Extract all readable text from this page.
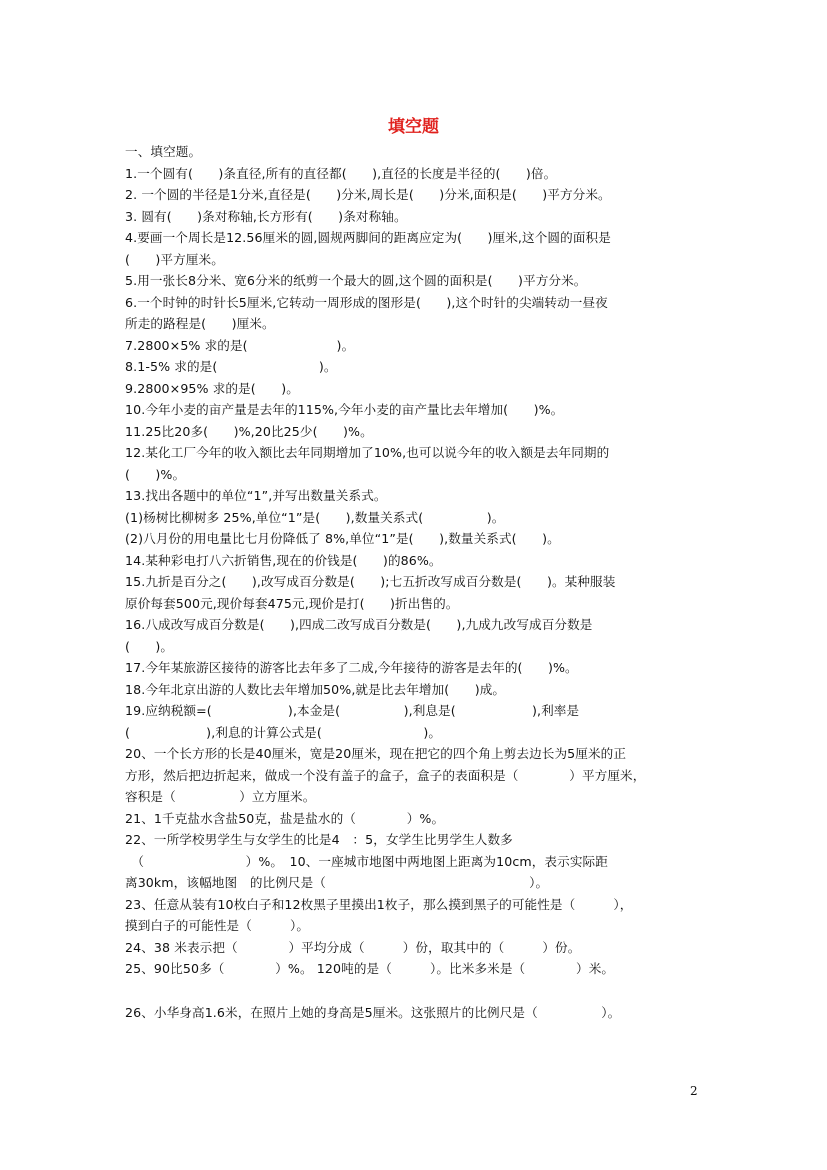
填空题
一、填空题。
1.一个圆有(　　)条直径,所有的直径都(　　),直径的长度是半径的(　　)倍。
2. 一个圆的半径是1分米,直径是(　　)分米,周长是(　　)分米,面积是(　　)平方分米。
3. 圆有(　　)条对称轴,长方形有(　　)条对称轴。
4.要画一个周长是12.56厘米的圆,圆规两脚间的距离应定为(　　)厘米,这个圆的面积是
(　　)平方厘米。
5.用一张长8分米、宽6分米的纸剪一个最大的圆,这个圆的面积是(　　)平方分米。
6.一个时钟的时针长5厘米,它转动一周形成的图形是(　　),这个时针的尖端转动一昼夜
所走的路程是(　　)厘米。
7.2800×5% 求的是(　　　　　　　)。
8.1-5% 求的是(　　　　　　　　)。
9.2800×95% 求的是(　　)。
10.今年小麦的亩产量是去年的115%,今年小麦的亩产量比去年增加(　　)%。
11.25比20多(　　)%,20比25少(　　)%。
12.某化工厂今年的收入额比去年同期增加了10%,也可以说今年的收入额是去年同期的
(　　)%。
13.找出各题中的单位“1”,并写出数量关系式。
(1)杨树比柳树多 25%,单位“1”是(　　),数量关系式(　　　　　)。
(2)八月份的用电量比七月份降低了 8%,单位“1”是(　　),数量关系式(　　)。
14.某种彩电打八六折销售,现在的价钱是(　　)的86%。
15.九折是百分之(　　),改写成百分数是(　　);七五折改写成百分数是(　　)。某种服装
原价每套500元,现价每套475元,现价是打(　　)折出售的。
16.八成改写成百分数是(　　),四成二改写成百分数是(　　),九成九改写成百分数是
(　　)。
17.今年某旅游区接待的游客比去年多了二成,今年接待的游客是去年的(　　)%。
18.今年北京出游的人数比去年增加50%,就是比去年增加(　　)成。
19.应纳税额=(　　　　　　),本金是(　　　　　),利息是(　　　　　　),利率是
(　　　　　　),利息的计算公式是(　　　　　　　　)。
20、一个长方形的长是40厘米，宽是20厘米，现在把它的四个角上剪去边长为5厘米的正
方形，然后把边折起来，做成一个没有盖子的盒子，盒子的表面积是（　　　　）平方厘米，
容积是（　　　　　）立方厘米。
21、1千克盐水含盐50克，盐是盐水的（　　　　）%。
22、一所学校男学生与女学生的比是4　：5，女学生比男学生人数多
　（　　　　　　　　）%。　10、一座城市地图中两地图上距离为10cm，表示实际距
离30km，该幅地图　的比例尺是（　　　　　　　　　　　　　　　　）。
23、任意从装有10枚白子和12枚黑子里摸出1枚子，那么摸到黑子的可能性是（　　　），
摸到白子的可能性是（　　　）。
24、38 米表示把（　　　　）平均分成（　　　）份，取其中的（　　　）份。
25、90比50多（　　　　）%。 120吨的是（　　　）。比米多米是（　　　　）米。
26、小华身高1.6米，在照片上她的身高是5厘米。这张照片的比例尺是（　　　　　）。
2
